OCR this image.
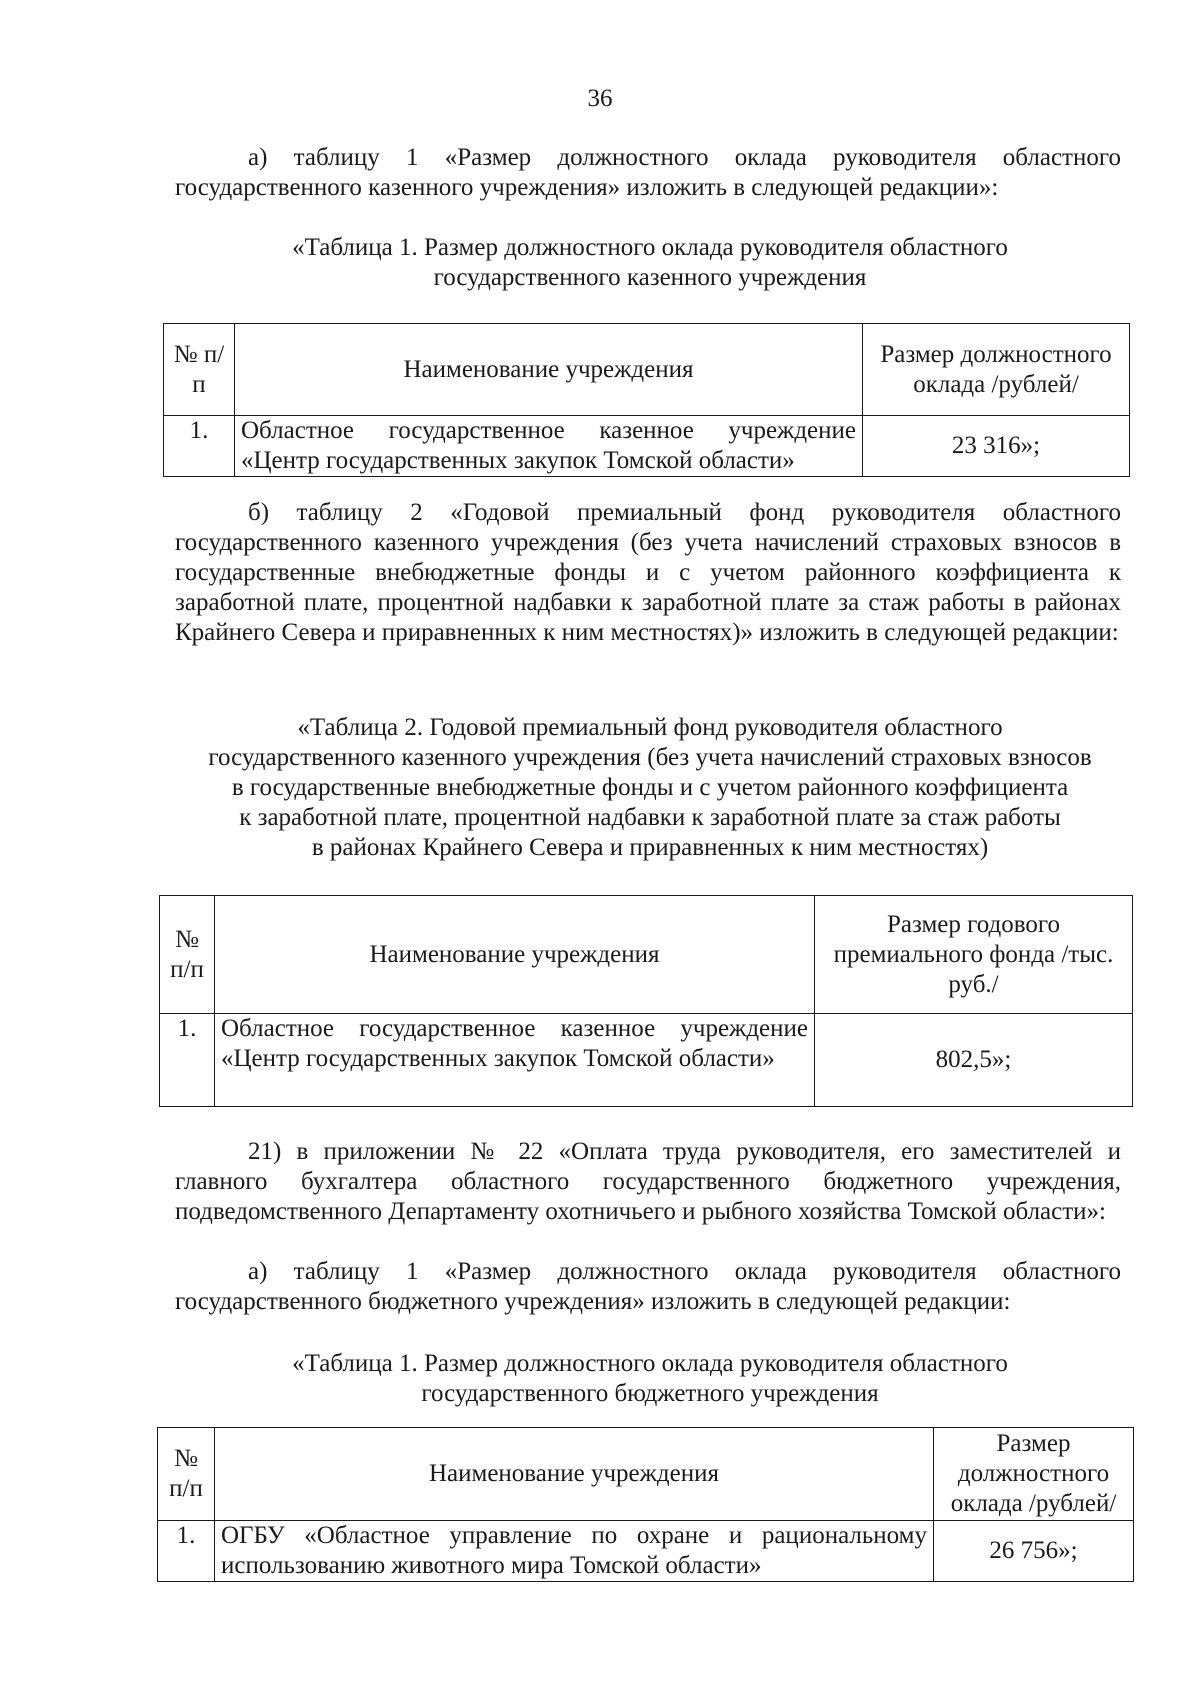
36

а) таблицу 1 «Размер должностного оклада руководителя областного государственного казенного учреждения» изложить в следующей редакции»:

«Таблица 1. Размер должностного оклада руководителя областного
государственного казенного учреждения
№ п/п	Наименование учреждения	Размер должностного оклада /рублей/
1.	Областное государственное казенное учреждение «Центр государственных закупок Томской области»	23 316»;

б) таблицу 2 «Годовой премиальный фонд руководителя областного государственного казенного учреждения (без учета начислений страховых взносов в государственные внебюджетные фонды и с учетом районного коэффициента к заработной плате, процентной надбавки к заработной плате за стаж работы в районах Крайнего Севера и приравненных к ним местностях)» изложить в следующей редакции:

«Таблица 2. Годовой премиальный фонд руководителя областного
государственного казенного учреждения (без учета начислений страховых взносов
в государственные внебюджетные фонды и с учетом районного коэффициента
к заработной плате, процентной надбавки к заработной плате за стаж работы
в районах Крайнего Севера и приравненных к ним местностях)
№ п/п	Наименование учреждения	Размер годового премиального фонда /тыс. руб./
1.	Областное государственное казенное учреждение «Центр государственных закупок Томской области»	802,5»;

21) в приложении № 22 «Оплата труда руководителя, его заместителей и главного бухгалтера областного государственного бюджетного учреждения, подведомственного Департаменту охотничьего и рыбного хозяйства Томской области»:

а) таблицу 1 «Размер должностного оклада руководителя областного государственного бюджетного учреждения» изложить в следующей редакции:

«Таблица 1. Размер должностного оклада руководителя областного
государственного бюджетного учреждения
№ п/п	Наименование учреждения	Размер должностного оклада /рублей/
1.	ОГБУ «Областное управление по охране и рациональному использованию животного мира Томской области»	26 756»;
